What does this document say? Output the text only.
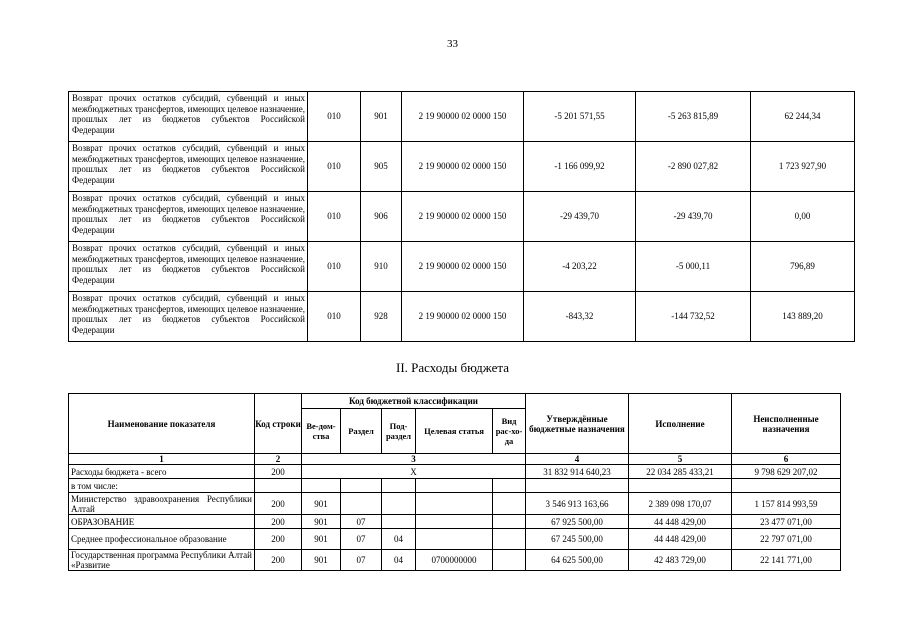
33
Возврат прочих остатков субсидий, субвенций и иных межбюджетных трансфертов, имеющих целевое назначение, прошлых лет из бюджетов субъектов Российской Федерации	010	901	2 19 90000 02 0000 150	-5 201 571,55	-5 263 815,89	62 244,34
Возврат прочих остатков субсидий, субвенций и иных межбюджетных трансфертов, имеющих целевое назначение, прошлых лет из бюджетов субъектов Российской Федерации	010	905	2 19 90000 02 0000 150	-1 166 099,92	-2 890 027,82	1 723 927,90
Возврат прочих остатков субсидий, субвенций и иных межбюджетных трансфертов, имеющих целевое назначение, прошлых лет из бюджетов субъектов Российской Федерации	010	906	2 19 90000 02 0000 150	-29 439,70	-29 439,70	0,00
Возврат прочих остатков субсидий, субвенций и иных межбюджетных трансфертов, имеющих целевое назначение, прошлых лет из бюджетов субъектов Российской Федерации	010	910	2 19 90000 02 0000 150	-4 203,22	-5 000,11	796,89
Возврат прочих остатков субсидий, субвенций и иных межбюджетных трансфертов, имеющих целевое назначение, прошлых лет из бюджетов субъектов Российской Федерации	010	928	2 19 90000 02 0000 150	-843,32	-144 732,52	143 889,20
II. Расходы бюджета
Наименование показателя	Код строки	Код бюджетной классификации					Утверждённые бюджетные назначения	Исполнение	Неисполненные назначения
		Ве-дом-ства	Раздел	Под-раздел	Целевая статья	Вид рас-хо-да			
1	2	3					4	5	6
Расходы бюджета - всего	200	X					31 832 914 640,23	22 034 285 433,21	9 798 629 207,02
в том числе:									
Министерство здравоохранения Республики Алтай	200	901					3 546 913 163,66	2 389 098 170,07	1 157 814 993,59
ОБРАЗОВАНИЕ	200	901	07				67 925 500,00	44 448 429,00	23 477 071,00
Среднее профессиональное образование	200	901	07	04			67 245 500,00	44 448 429,00	22 797 071,00
Государственная программа Республики Алтай «Развитие	200	901	07	04	0700000000		64 625 500,00	42 483 729,00	22 141 771,00
